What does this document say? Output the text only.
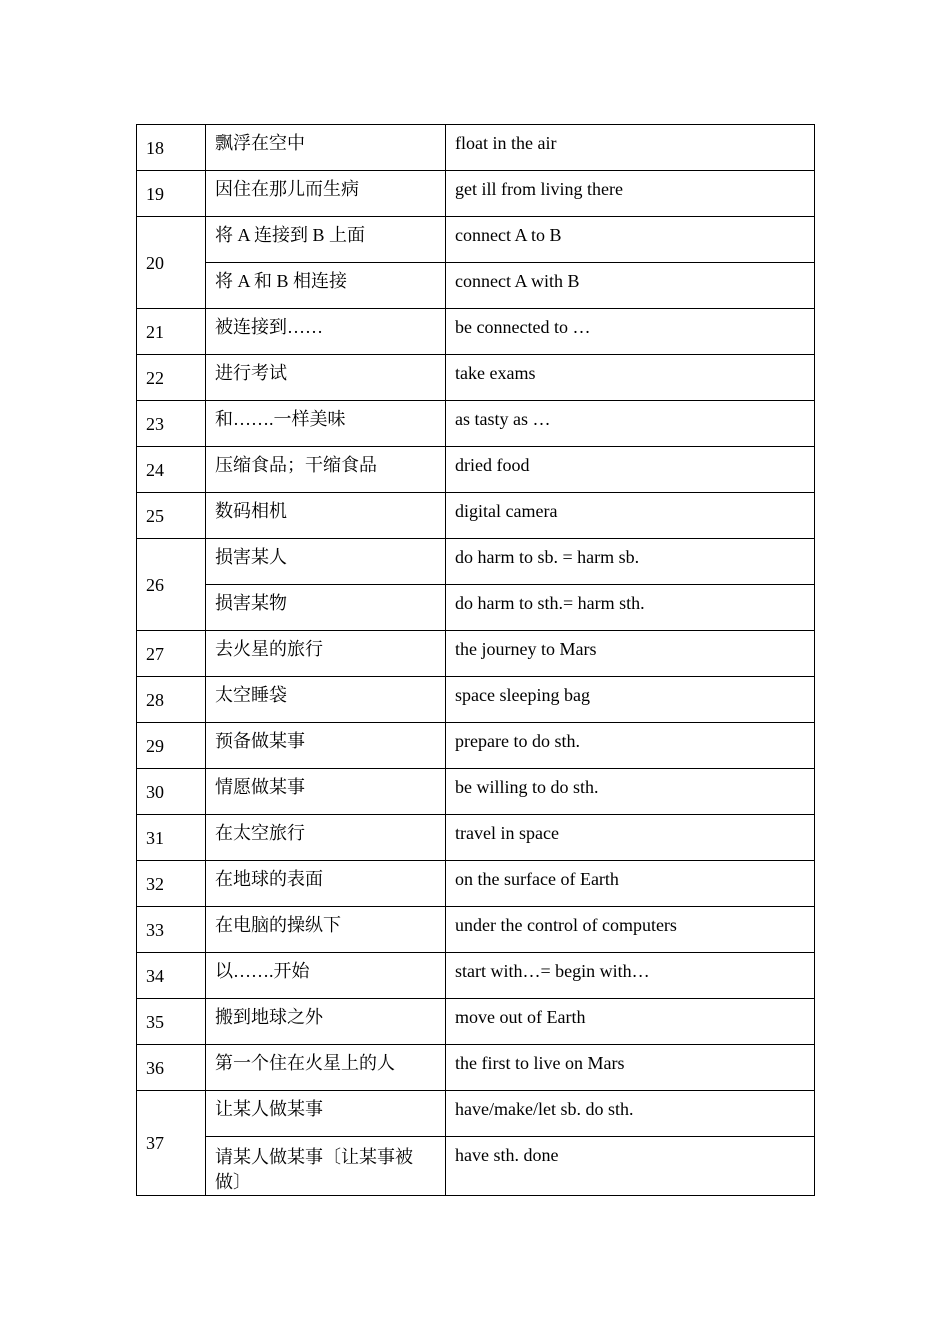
18	飘浮在空中	float in the air

19	因住在那儿而生病	get ill from living there

20	将 A 连接到 B 上面	connect A to B

	将 A 和 B 相连接	connect A with B

21	被连接到……	be connected to …

22	进行考试	take exams

23	和…….一样美味	as tasty as …

24	压缩食品；干缩食品	dried food

25	数码相机	digital camera

26	损害某人	do harm to sb. = harm sb.

	损害某物	do harm to sth.= harm sth.

27	去火星的旅行	the journey to Mars

28	太空睡袋	space sleeping bag

29	预备做某事	prepare to do sth.

30	情愿做某事	be willing to do sth.

31	在太空旅行	travel in space

32	在地球的表面	on the surface of Earth

33	在电脑的操纵下	under the control of computers

34	以…….开始	start with…= begin with…

35	搬到地球之外	move out of Earth

36	第一个住在火星上的人	the first to live on Mars

37	让某人做某事	have/make/let sb. do sth.

	请某人做某事〔让某事被做〕	have sth. done
